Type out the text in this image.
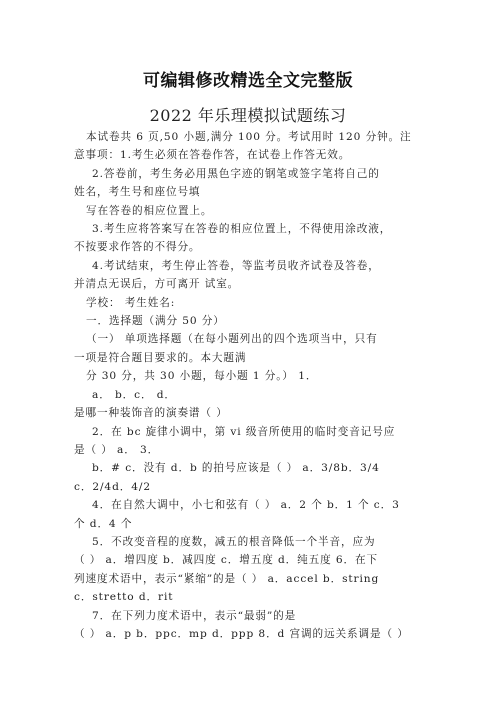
可编辑修改精选全文完整版
2022 年乐理模拟试题练习
本试卷共 6 页,50 小题,满分 100 分。考试用时 120 分钟。注
意事项：1.考生必须在答卷作答，在试卷上作答无效。
2.答卷前，考生务必用黑色字迹的钢笔或签字笔将自己的
姓名，考生号和座位号填
写在答卷的相应位置上。
3.考生应将答案写在答卷的相应位置上，不得使用涂改液，
不按要求作答的不得分。
4.考试结束，考生停止答卷，等监考员收齐试卷及答卷，
并清点无误后，方可离开 试室。
学校： 考生姓名:
一．选择题（满分 50 分）
（一） 单项选择题（在每小题列出的四个选项当中，只有
一项是符合题目要求的。本大题满
分 30 分，共 30 小题，每小题 1 分。） 1．
a． b．c． d．
是哪一种装饰音的演奏谱（ ）
2．在 bc 旋律小调中，第 vi 级音所使用的临时变音记号应
是（ ） a． 3．
b．# c．没有 d．b 的拍号应该是（ ） a．3/8b．3/4
c．2/4d．4/2
4．在自然大调中，小七和弦有（ ） a．2 个 b．1 个 c．3
个 d．4 个
5．不改变音程的度数，减五的根音降低一个半音，应为
（ ） a．增四度 b．减四度 c．增五度 d．纯五度 6．在下
列速度术语中，表示“紧缩”的是（ ） a．accel b．string
c．stretto d．rit
7．在下列力度术语中，表示“最弱”的是
（ ） a．p b．ppc．mp d．ppp 8．d 宫调的远关系调是（ ）
